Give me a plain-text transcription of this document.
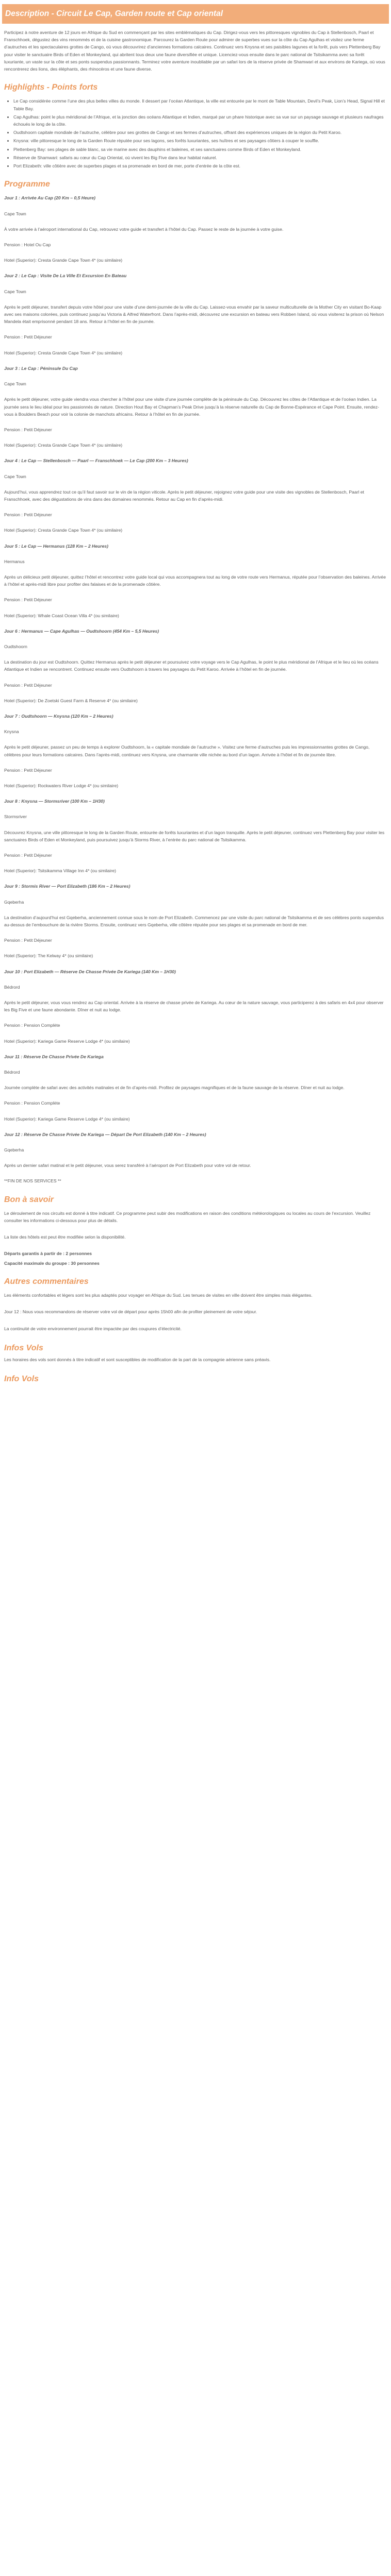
Description - Circuit Le Cap, Garden route et Cap oriental

Participez à notre aventure de 12 jours en Afrique du Sud en commençant par les sites emblématiques du Cap. Dirigez-vous vers les pittoresques vignobles du Cap à Stellenbosch, Paarl et Franschhoek, dégustez des vins renommés et de la cuisine gastronomique. Parcourez la Garden Route pour admirer de superbes vues sur la côte du Cap Agulhas et visitez une ferme d’autruches et les spectaculaires grottes de Cango, où vous découvrirez d’anciennes formations calcaires. Continuez vers Knysna et ses paisibles lagunes et la forêt, puis vers Plettenberg Bay pour visiter le sanctuaire Birds of Eden et Monkeyland, qui abritent tous deux une faune diversifiée et unique. Licenciez-vous ensuite dans le parc national de Tsitsikamma avec sa forêt luxuriante, un vaste sur la côte et ses ponts suspendus passionnants. Terminez votre aventure inoubliable par un safari lors de la réserve privée de Shamwari et aux environs de Kariega, où vous rencontrerez des lions, des éléphants, des rhinocéros et une faune diverse.

Highlights - Points forts
• Le Cap considérée comme l’une des plus belles villes du monde. Il dessert par l’océan Atlantique, la ville est entourée par le mont de Table Mountain, Devil’s Peak, Lion’s Head, Signal Hill et Table Bay.
• Cap Agulhas: point le plus méridional de l’Afrique, et la jonction des océans Atlantique et Indien, marqué par un phare historique avec sa vue sur un paysage sauvage et plusieurs naufrages échoués le long de la côte.
• Oudtshoorn capitale mondiale de l’autruche, célèbre pour ses grottes de Cango et ses fermes d’autruches, offrant des expériences uniques de la région du Petit Karoo.
• Knysna: ville pittoresque le long de la Garden Route réputée pour ses lagons, ses forêts luxuriantes, ses huîtres et ses paysages côtiers à couper le souffle.
• Plettenberg Bay: ses plages de sable blanc, sa vie marine avec des dauphins et baleines, et ses sanctuaires comme Birds of Eden et Monkeyland.
• Réserve de Shamwari: safaris au cœur du Cap Oriental, où vivent les Big Five dans leur habitat naturel.
• Port Elizabeth: ville côtière avec de superbes plages et sa promenade en bord de mer, porte d’entrée de la côte est.
Programme
Jour 1 : Arrivée Au Cap (20 Km – 0,5 Heure)
Cape Town
À votre arrivée à l’aéroport international du Cap, retrouvez votre guide et transfert à l’hôtel du Cap. Passez le reste de la journée à votre guise.
Pension : Hotel Ou Cap
Hotel (Superior): Cresta Grande Cape Town 4* (ou similaire)
Jour 2 : Le Cap : Visite De La Ville Et Excursion En Bateau
Cape Town
Après le petit déjeuner, transfert depuis votre hôtel pour une visite d’une demi-journée de la ville du Cap. Laissez-vous envahir par la saveur multiculturelle de la Mother City en visitant Bo-Kaap avec ses maisons colorées, puis continuez jusqu’au Victoria & Alfred Waterfront. Dans l’après-midi, découvrez une excursion en bateau vers Robben Island, où vous visiterez la prison où Nelson Mandela était emprisonné pendant 18 ans. Retour à l’hôtel en fin de journée.
Pension : Petit Déjeuner
Hotel (Superior): Cresta Grande Cape Town 4* (ou similaire)
Jour 3 : Le Cap : Péninsule Du Cap
Cape Town
Après le petit déjeuner, votre guide viendra vous chercher à l’hôtel pour une visite d’une journée complète de la péninsule du Cap. Découvrez les côtes de l’Atlantique et de l’océan Indien. La journée sera le lieu idéal pour les passionnés de nature. Direction Hout Bay et Chapman’s Peak Drive jusqu’à la réserve naturelle du Cap de Bonne-Espérance et Cape Point. Ensuite, rendez-vous à Boulders Beach pour voir la colonie de manchots africains. Retour à l’hôtel en fin de journée.
Pension : Petit Déjeuner
Hotel (Superior): Cresta Grande Cape Town 4* (ou similaire)
Jour 4 : Le Cap — Stellenbosch — Paarl — Franschhoek — Le Cap (200 Km – 3 Heures)
Cape Town
Aujourd’hui, vous apprendrez tout ce qu’il faut savoir sur le vin de la région viticole. Après le petit déjeuner, rejoignez votre guide pour une visite des vignobles de Stellenbosch, Paarl et Franschhoek, avec des dégustations de vins dans des domaines renommés. Retour au Cap en fin d’après-midi.
Pension : Petit Déjeuner
Hotel (Superior): Cresta Grande Cape Town 4* (ou similaire)
Jour 5 : Le Cap — Hermanus (128 Km – 2 Heures)
Hermanus
Après un délicieux petit déjeuner, quittez l’hôtel et rencontrez votre guide local qui vous accompagnera tout au long de votre route vers Hermanus, réputée pour l’observation des baleines. Arrivée à l’hôtel et après-midi libre pour profiter des falaises et de la promenade côtière.
Pension : Petit Déjeuner
Hotel (Superior): Whale Coast Ocean Villa 4* (ou similaire)
Jour 6 : Hermanus — Cape Agulhas — Oudtshoorn (454 Km – 5,5 Heures)
Oudtshoorn
La destination du jour est Oudtshoorn. Quittez Hermanus après le petit déjeuner et poursuivez votre voyage vers le Cap Agulhas, le point le plus méridional de l’Afrique et le lieu où les océans Atlantique et Indien se rencontrent. Continuez ensuite vers Oudtshoorn à travers les paysages du Petit Karoo. Arrivée à l’hôtel en fin de journée.
Pension : Petit Déjeuner
Hotel (Superior): De Zoetski Guest Farm & Reserve 4* (ou similaire)
Jour 7 : Oudtshoorn — Knysna (120 Km – 2 Heures)
Knysna
Après le petit déjeuner, passez un peu de temps à explorer Oudtshoorn, la « capitale mondiale de l’autruche ». Visitez une ferme d’autruches puis les impressionnantes grottes de Cango, célèbres pour leurs formations calcaires. Dans l’après-midi, continuez vers Knysna, une charmante ville nichée au bord d’un lagon. Arrivée à l’hôtel et fin de journée libre.
Pension : Petit Déjeuner
Hotel (Superior): Rockwaters River Lodge 4* (ou similaire)
Jour 8 : Knysna — Stormsriver (100 Km – 1H30)
Stormsriver
Découvrez Knysna, une ville pittoresque le long de la Garden Route, entourée de forêts luxuriantes et d’un lagon tranquille. Après le petit déjeuner, continuez vers Plettenberg Bay pour visiter les sanctuaires Birds of Eden et Monkeyland, puis poursuivez jusqu’à Storms River, à l’entrée du parc national de Tsitsikamma.
Pension : Petit Déjeuner
Hotel (Superior): Tsitsikamma Village Inn 4* (ou similaire)
Jour 9 : Stormis River — Port Elizabeth (186 Km – 2 Heures)
Gqeberha
La destination d’aujourd’hui est Gqeberha, anciennement connue sous le nom de Port Elizabeth. Commencez par une visite du parc national de Tsitsikamma et de ses célèbres ponts suspendus au-dessus de l’embouchure de la rivière Storms. Ensuite, continuez vers Gqeberha, ville côtière réputée pour ses plages et sa promenade en bord de mer.
Pension : Petit Déjeuner
Hotel (Superior): The Kelway 4* (ou similaire)
Jour 10 : Port Elizabeth — Réserve De Chasse Privée De Kariega (140 Km – 1H30)
Bédrord
Après le petit déjeuner, vous vous rendrez au Cap oriental. Arrivée à la réserve de chasse privée de Kariega. Au cœur de la nature sauvage, vous participerez à des safaris en 4x4 pour observer les Big Five et une faune abondante. Dîner et nuit au lodge.
Pension : Pension Complète
Hotel (Superior): Kariega Game Reserve Lodge 4* (ou similaire)
Jour 11 : Réserve De Chasse Privée De Kariega
Bédrord
Journée complète de safari avec des activités matinales et de fin d’après-midi. Profitez de paysages magnifiques et de la faune sauvage de la réserve. Dîner et nuit au lodge.
Pension : Pension Complète
Hotel (Superior): Kariega Game Reserve Lodge 4* (ou similaire)
Jour 12 : Réserve De Chasse Privée De Kariega — Départ De Port Elizabeth (140 Km – 2 Heures)
Gqeberha
Après un dernier safari matinal et le petit déjeuner, vous serez transféré à l’aéroport de Port Elizabeth pour votre vol de retour.
**FIN DE NOS SERVICES **
Bon à savoir

Le déroulement de nos circuits est donné à titre indicatif. Ce programme peut subir des modifications en raison des conditions météorologiques ou locales au cours de l’excursion. Veuillez consulter les informations ci-dessous pour plus de détails.

La liste des hôtels est peut être modifiée selon la disponibilité.

Départs garantis à partir de : 2 personnes
Capacité maximale du groupe : 30 personnes
Autres commentaires

Les éléments confortables et légers sont les plus adaptés pour voyager en Afrique du Sud. Les tenues de visites en ville doivent être simples mais élégantes.

Jour 12 : Nous vous recommandons de réserver votre vol de départ pour après 15h00 afin de profiter pleinement de votre séjour.

La continuité de votre environnement pourrait être impactée par des coupures d’électricité.

Infos Vols

Les horaires des vols sont donnés à titre indicatif et sont susceptibles de modification de la part de la compagnie aérienne sans préavis.

Info Vols
